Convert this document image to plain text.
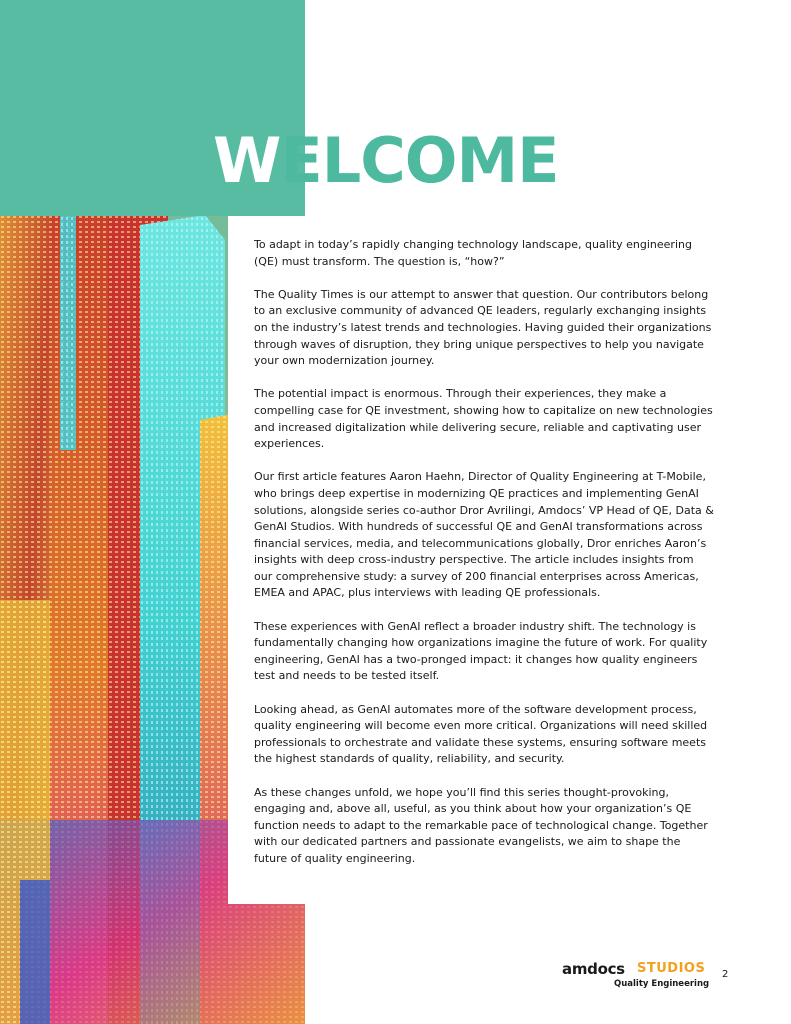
WELCOME

To adapt in today’s rapidly changing technology landscape, quality engineering (QE) must transform. The question is, “how?”

The Quality Times is our attempt to answer that question. Our contributors belong to an exclusive community of advanced QE leaders, regularly exchanging insights on the industry’s latest trends and technologies. Having guided their organizations through waves of disruption, they bring unique perspectives to help you navigate your own modernization journey.

The potential impact is enormous. Through their experiences, they make a compelling case for QE investment, showing how to capitalize on new technologies and increased digitalization while delivering secure, reliable and captivating user experiences.

Our first article features Aaron Haehn, Director of Quality Engineering at T-Mobile, who brings deep expertise in modernizing QE practices and implementing GenAI solutions, alongside series co-author Dror Avrilingi, Amdocs’ VP Head of QE, Data & GenAI Studios. With hundreds of successful QE and GenAI transformations across financial services, media, and telecommunications globally, Dror enriches Aaron’s insights with deep cross-industry perspective. The article includes insights from our comprehensive study: a survey of 200 financial enterprises across Americas, EMEA and APAC, plus interviews with leading QE professionals.

These experiences with GenAI reflect a broader industry shift. The technology is fundamentally changing how organizations imagine the future of work. For quality engineering, GenAI has a two-pronged impact: it changes how quality engineers test and needs to be tested itself.

Looking ahead, as GenAI automates more of the software development process, quality engineering will become even more critical. Organizations will need skilled professionals to orchestrate and validate these systems, ensuring software meets the highest standards of quality, reliability, and security.

As these changes unfold, we hope you’ll find this series thought-provoking, engaging and, above all, useful, as you think about how your organization’s QE function needs to adapt to the remarkable pace of technological change. Together with our dedicated partners and passionate evangelists, we aim to shape the future of quality engineering.

amdocs STUDIOS
Quality Engineering
2
